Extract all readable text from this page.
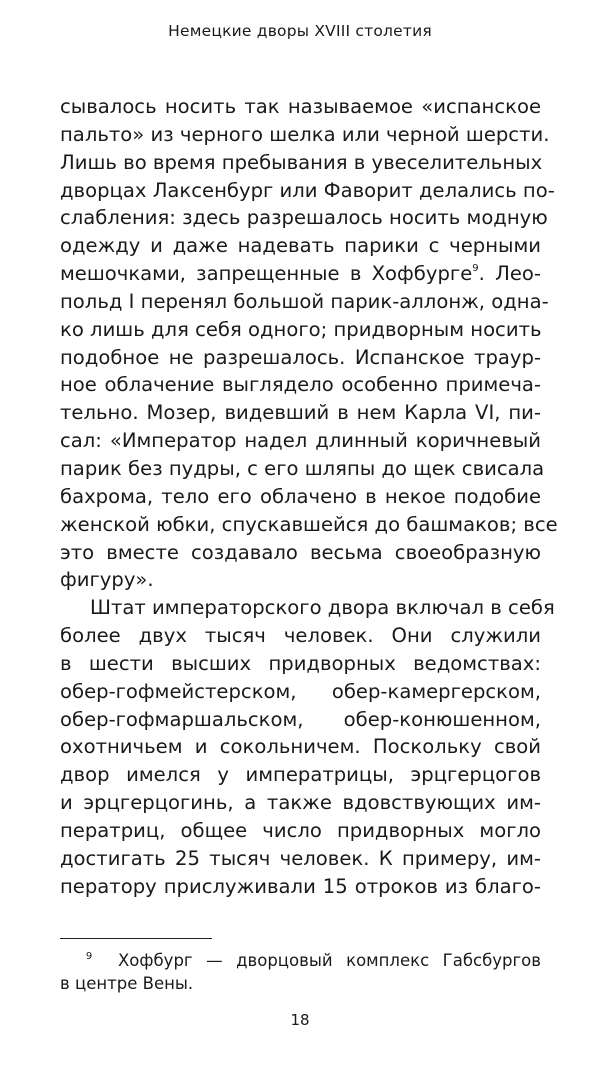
Немецкие дворы XVIII столетия
сывалось носить так называемое «испанское
пальто» из черного шелка или черной шерсти.
Лишь во время пребывания в увеселительных
дворцах Лаксенбург или Фаворит делались по-
слабления: здесь разрешалось носить модную
одежду и даже надевать парики с черными
мешочками, запрещенные в Хофбурге$^9$. Лео-
польд I перенял большой парик-аллонж, одна-
ко лишь для себя одного; придворным носить
подобное не разрешалось. Испанское траур-
ное облачение выглядело особенно примеча-
тельно. Мозер, видевший в нем Карла VI, пи-
сал: «Император надел длинный коричневый
парик без пудры, с его шляпы до щек свисала
бахрома, тело его облачено в некое подобие
женской юбки, спускавшейся до башмаков; все
это вместе создавало весьма своеобразную
фигуру».
Штат императорского двора включал в себя
более двух тысяч человек. Они служили
в шести высших придворных ведомствах:
обер-гофмейстерском, обер-камергерском,
обер-гофмаршальском, обер-конюшенном,
охотничьем и сокольничем. Поскольку свой
двор имелся у императрицы, эрцгерцогов
и эрцгерцогинь, а также вдовствующих им-
ператриц, общее число придворных могло
достигать 25 тысяч человек. К примеру, им-
ператору прислуживали 15 отроков из благо-
9	Хофбург — дворцовый комплекс Габсбургов
в центре Вены.
18
